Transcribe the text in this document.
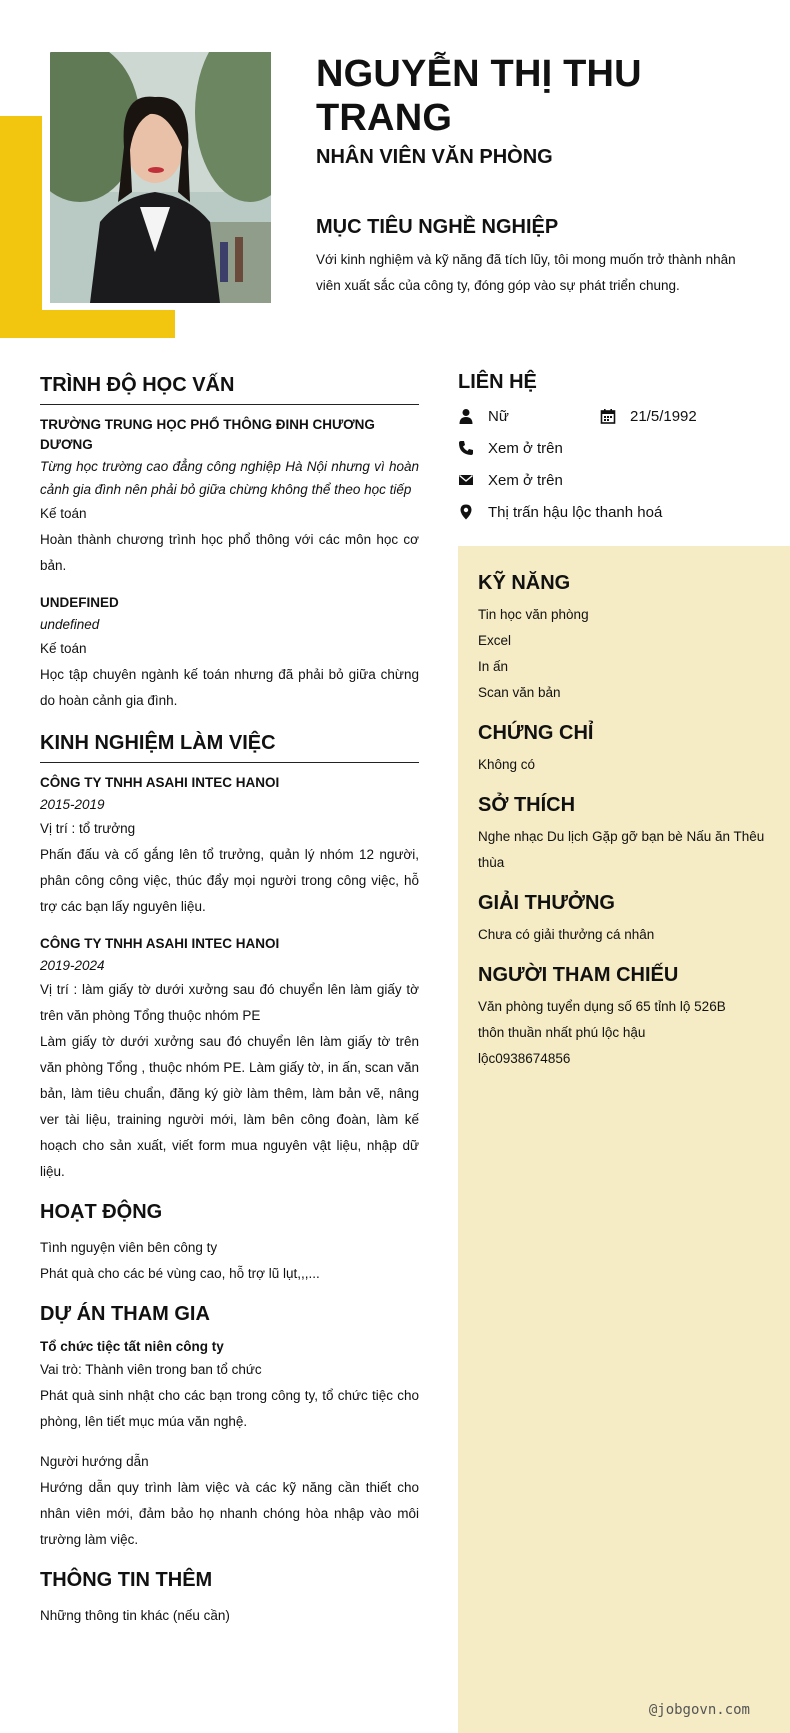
NGUYỄN THỊ THU TRANG
NHÂN VIÊN VĂN PHÒNG
MỤC TIÊU NGHỀ NGHIỆP
Với kinh nghiệm và kỹ năng đã tích lũy, tôi mong muốn trở thành nhân viên xuất sắc của công ty, đóng góp vào sự phát triển chung.
TRÌNH ĐỘ HỌC VẤN
TRƯỜNG TRUNG HỌC PHỔ THÔNG ĐINH CHƯƠNG DƯƠNG
Từng học trường cao đẳng công nghiệp Hà Nội nhưng vì hoàn cảnh gia đình nên phải bỏ giữa chừng không thể theo học tiếp
Kế toán
Hoàn thành chương trình học phổ thông với các môn học cơ bản.
UNDEFINED
undefined
Kế toán
Học tập chuyên ngành kế toán nhưng đã phải bỏ giữa chừng do hoàn cảnh gia đình.
KINH NGHIỆM LÀM VIỆC
CÔNG TY TNHH ASAHI INTEC HANOI
2015-2019
Vị trí : tổ trưởng
Phấn đấu và cố gắng lên tổ trưởng, quản lý nhóm 12 người, phân công công việc, thúc đẩy mọi người trong công việc, hỗ trợ các bạn lấy nguyên liệu.
CÔNG TY TNHH ASAHI INTEC HANOI
2019-2024
Vị trí : làm giấy tờ dưới xưởng sau đó chuyển lên làm giấy tờ trên văn phòng Tổng thuộc nhóm PE
Làm giấy tờ dưới xưởng sau đó chuyển lên làm giấy tờ trên văn phòng Tổng , thuộc nhóm PE. Làm giấy tờ, in ấn, scan văn bản, làm tiêu chuẩn, đăng ký giờ làm thêm, làm bản vẽ, nâng ver tài liệu, training người mới, làm bên công đoàn, làm kế hoạch cho sản xuất, viết form mua nguyên vật liệu, nhập dữ liệu.
HOẠT ĐỘNG
Tình nguyện viên bên công ty
Phát quà cho các bé vùng cao, hỗ trợ lũ lụt,,,...
DỰ ÁN THAM GIA
Tổ chức tiệc tất niên công ty
Vai trò: Thành viên trong ban tổ chức
Phát quà sinh nhật cho các bạn trong công ty, tổ chức tiệc cho phòng, lên tiết mục múa văn nghệ.
Người hướng dẫn
Hướng dẫn quy trình làm việc và các kỹ năng cần thiết cho nhân viên mới, đảm bảo họ nhanh chóng hòa nhập vào môi trường làm việc.
THÔNG TIN THÊM
Những thông tin khác (nếu cần)
LIÊN HỆ
Nữ	21/5/1992
Xem ở trên
Xem ở trên
Thị trấn hậu lộc thanh hoá
KỸ NĂNG
Tin học văn phòng
Excel
In ấn
Scan văn bản
CHỨNG CHỈ
Không có
SỞ THÍCH
Nghe nhạc Du lịch Gặp gỡ bạn bè Nấu ăn Thêu thùa
GIẢI THƯỞNG
Chưa có giải thưởng cá nhân
NGƯỜI THAM CHIẾU
Văn phòng tuyển dụng số 65 tỉnh lộ 526B thôn thuần nhất phú lộc hậu lộc0938674856
@jobgovn.com
